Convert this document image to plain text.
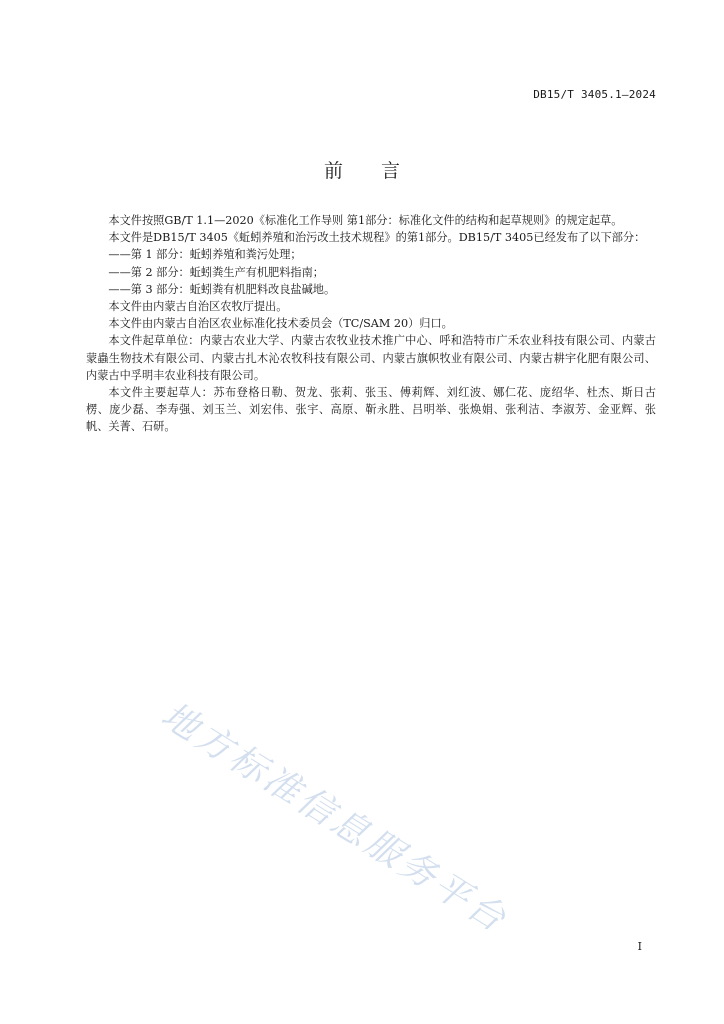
DB15/T 3405.1—2024
前言

本文件按照GB/T 1.1—2020《标准化工作导则 第1部分：标准化文件的结构和起草规则》的规定起草。

本文件是DB15/T 3405《蚯蚓养殖和治污改土技术规程》的第1部分。DB15/T 3405已经发布了以下部分：

——第 1 部分：蚯蚓养殖和粪污处理；

——第 2 部分：蚯蚓粪生产有机肥料指南；

——第 3 部分：蚯蚓粪有机肥料改良盐碱地。

本文件由内蒙古自治区农牧厅提出。

本文件由内蒙古自治区农业标准化技术委员会（TC/SAM 20）归口。

本文件起草单位：内蒙古农业大学、内蒙古农牧业技术推广中心、呼和浩特市广禾农业科技有限公司、内蒙古蒙蟲生物技术有限公司、内蒙古扎木沁农牧科技有限公司、内蒙古旗帜牧业有限公司、内蒙古耕宇化肥有限公司、内蒙古中孚明丰农业科技有限公司。

本文件主要起草人：苏布登格日勒、贺龙、张莉、张玉、傅莉辉、刘红波、娜仁花、庞绍华、杜杰、斯日古楞、庞少磊、李寿强、刘玉兰、刘宏伟、张宇、高原、靳永胜、吕明举、张焕娟、张利洁、李淑芳、金亚辉、张帆、关菁、石研。

地方标准信息服务平台
I
